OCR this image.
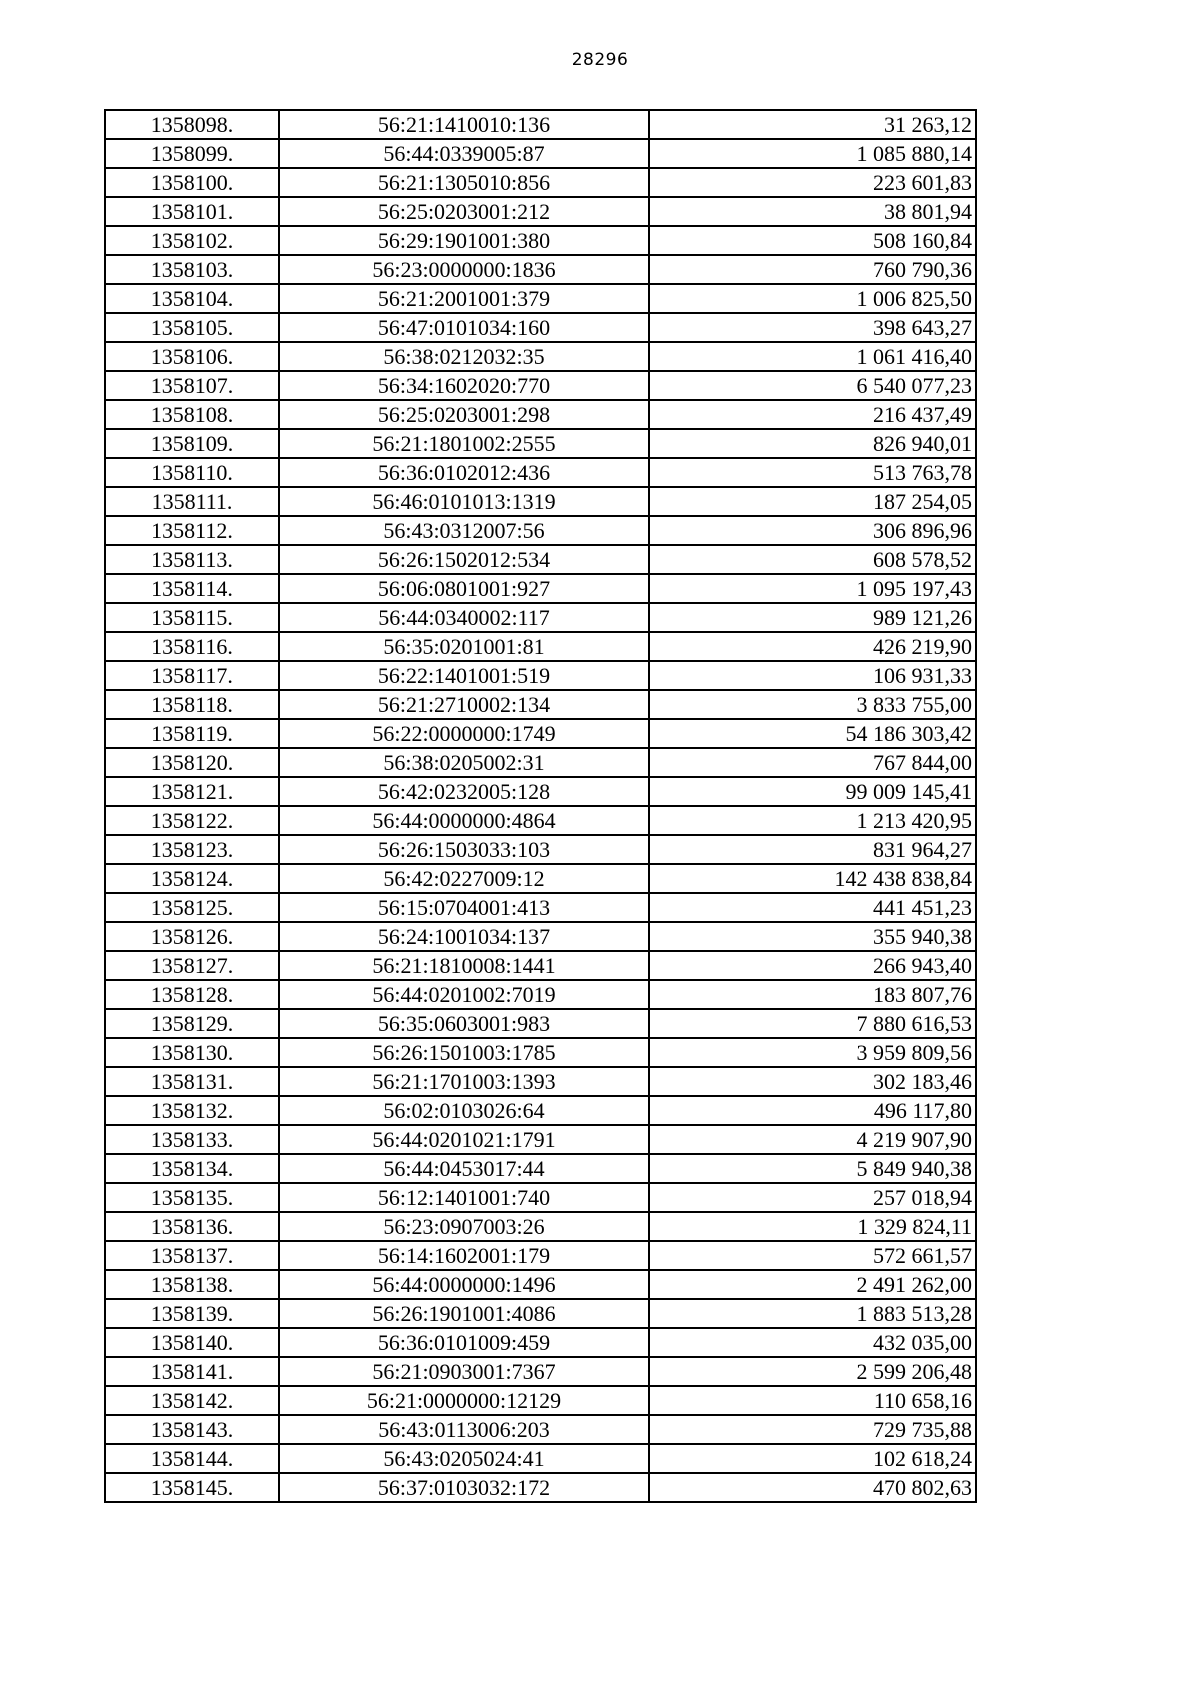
28296
1358098.	56:21:1410010:136	31 263,12
1358099.	56:44:0339005:87	1 085 880,14
1358100.	56:21:1305010:856	223 601,83
1358101.	56:25:0203001:212	38 801,94
1358102.	56:29:1901001:380	508 160,84
1358103.	56:23:0000000:1836	760 790,36
1358104.	56:21:2001001:379	1 006 825,50
1358105.	56:47:0101034:160	398 643,27
1358106.	56:38:0212032:35	1 061 416,40
1358107.	56:34:1602020:770	6 540 077,23
1358108.	56:25:0203001:298	216 437,49
1358109.	56:21:1801002:2555	826 940,01
1358110.	56:36:0102012:436	513 763,78
1358111.	56:46:0101013:1319	187 254,05
1358112.	56:43:0312007:56	306 896,96
1358113.	56:26:1502012:534	608 578,52
1358114.	56:06:0801001:927	1 095 197,43
1358115.	56:44:0340002:117	989 121,26
1358116.	56:35:0201001:81	426 219,90
1358117.	56:22:1401001:519	106 931,33
1358118.	56:21:2710002:134	3 833 755,00
1358119.	56:22:0000000:1749	54 186 303,42
1358120.	56:38:0205002:31	767 844,00
1358121.	56:42:0232005:128	99 009 145,41
1358122.	56:44:0000000:4864	1 213 420,95
1358123.	56:26:1503033:103	831 964,27
1358124.	56:42:0227009:12	142 438 838,84
1358125.	56:15:0704001:413	441 451,23
1358126.	56:24:1001034:137	355 940,38
1358127.	56:21:1810008:1441	266 943,40
1358128.	56:44:0201002:7019	183 807,76
1358129.	56:35:0603001:983	7 880 616,53
1358130.	56:26:1501003:1785	3 959 809,56
1358131.	56:21:1701003:1393	302 183,46
1358132.	56:02:0103026:64	496 117,80
1358133.	56:44:0201021:1791	4 219 907,90
1358134.	56:44:0453017:44	5 849 940,38
1358135.	56:12:1401001:740	257 018,94
1358136.	56:23:0907003:26	1 329 824,11
1358137.	56:14:1602001:179	572 661,57
1358138.	56:44:0000000:1496	2 491 262,00
1358139.	56:26:1901001:4086	1 883 513,28
1358140.	56:36:0101009:459	432 035,00
1358141.	56:21:0903001:7367	2 599 206,48
1358142.	56:21:0000000:12129	110 658,16
1358143.	56:43:0113006:203	729 735,88
1358144.	56:43:0205024:41	102 618,24
1358145.	56:37:0103032:172	470 802,63
